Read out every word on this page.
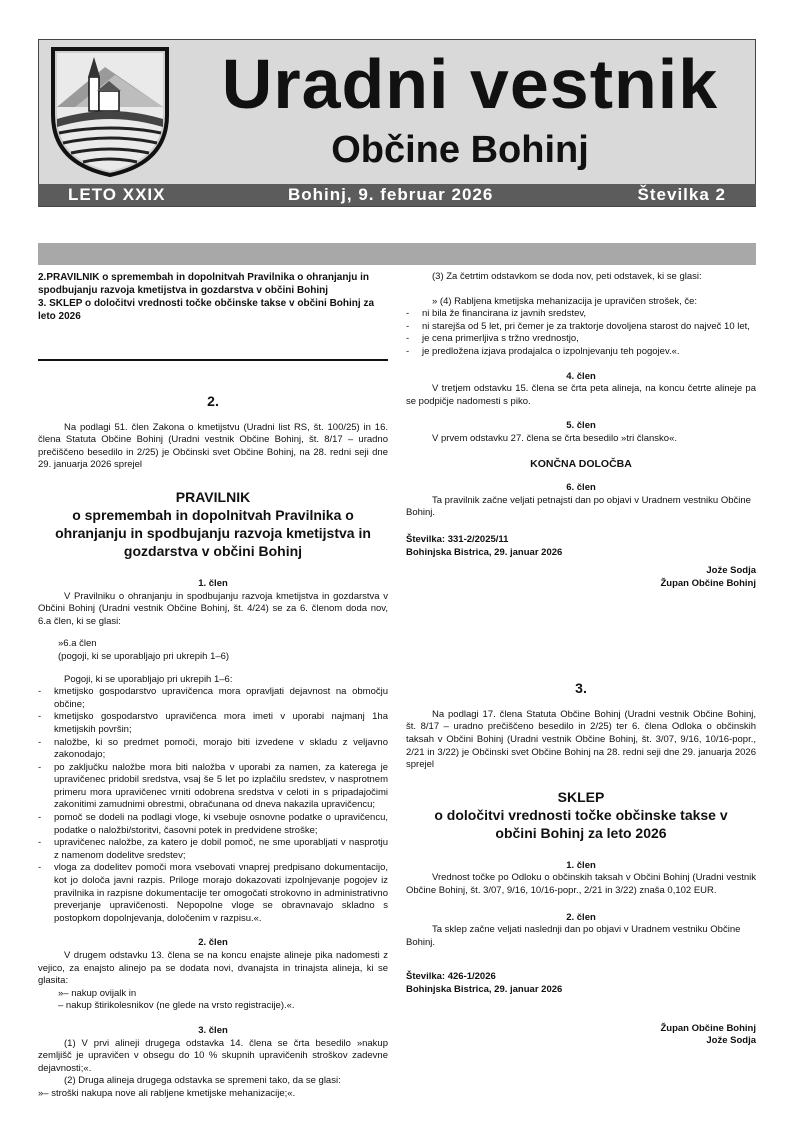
Uradni vestnik
Občine Bohinj
LETO XXIX	Bohinj, 9. februar 2026	Številka 2
2.PRAVILNIK o spremembah in dopolnitvah Pravilnika o ohranjanju in spodbujanju razvoja kmetijstva in gozdarstva v občini Bohinj
3. SKLEP o določitvi vrednosti točke občinske takse v občini Bohinj za leto 2026
2.
Na podlagi 51. člen Zakona o kmetijstvu (Uradni list RS, št. 100/25) in 16. člena Statuta Občine Bohinj (Uradni vestnik Občine Bohinj, št. 8/17 – uradno prečiščeno besedilo in 2/25) je Občinski svet Občine Bohinj, na 28. redni seji dne 29. januarja 2026 sprejel
PRAVILNIK
o spremembah in dopolnitvah Pravilnika o ohranjanju in spodbujanju razvoja kmetijstva in gozdarstva v občini Bohinj
1. člen
V Pravilniku o ohranjanju in spodbujanju razvoja kmetijstva in gozdarstva v Občini Bohinj (Uradni vestnik Občine Bohinj, št. 4/24) se za 6. členom doda nov, 6.a člen, ki se glasi:
»6.a člen
(pogoji, ki se uporabljajo pri ukrepih 1–6)
Pogoji, ki se uporabljajo pri ukrepih 1–6:
- kmetijsko gospodarstvo upravičenca mora opravljati dejavnost na območju občine;
- kmetijsko gospodarstvo upravičenca mora imeti v uporabi najmanj 1ha kmetijskih površin;
- naložbe, ki so predmet pomoči, morajo biti izvedene v skladu z veljavno zakonodajo;
- po zaključku naložbe mora biti naložba v uporabi za namen, za katerega je upravičenec pridobil sredstva, vsaj še 5 let po izplačilu sredstev, v nasprotnem primeru mora upravičenec vrniti odobrena sredstva v celoti in s pripadajočimi zakonitimi zamudnimi obrestmi, obračunana od dneva nakazila upravičencu;
- pomoč se dodeli na podlagi vloge, ki vsebuje osnovne podatke o upravičencu, podatke o naložbi/storitvi, časovni potek in predvidene stroške;
- upravičenec naložbe, za katero je dobil pomoč, ne sme uporabljati v nasprotju z namenom dodelitve sredstev;
- vloga za dodelitev pomoči mora vsebovati vnaprej predpisano dokumentacijo, kot jo določa javni razpis. Priloge morajo dokazovati izpolnjevanje pogojev iz pravilnika in razpisne dokumentacije ter omogočati strokovno in administrativno preverjanje upravičenosti. Nepopolne vloge se obravnavajo skladno s postopkom dopolnjevanja, določenim v razpisu.«.
2. člen
V drugem odstavku 13. člena se na koncu enajste alineje pika nadomesti z vejico, za enajsto alinejo pa se dodata novi, dvanajsta in trinajsta alineja, ki se glasita:
»– nakup ovijalk in
– nakup štirikolesnikov (ne glede na vrsto registracije).«.
3. člen
(1) V prvi alineji drugega odstavka 14. člena se črta besedilo »nakup zemljišč je upravičen v obsegu do 10 % skupnih upravičenih stroškov zadevne dejavnosti;«.
(2) Druga alineja drugega odstavka se spremeni tako, da se glasi:
»– stroški nakupa nove ali rabljene kmetijske mehanizacije;«.
(3) Za četrtim odstavkom se doda nov, peti odstavek, ki se glasi:
» (4) Rabljena kmetijska mehanizacija je upravičen strošek, če:
- ni bila že financirana iz javnih sredstev,
- ni starejša od 5 let, pri čemer je za traktorje dovoljena starost do največ 10 let,
- je cena primerljiva s tržno vrednostjo,
- je predložena izjava prodajalca o izpolnjevanju teh pogojev.«.
4. člen
V tretjem odstavku 15. člena se črta peta alineja, na koncu četrte alineje pa se podpičje nadomesti s piko.
5. člen
V prvem odstavku 27. člena se črta besedilo »tri člansko«.
KONČNA DOLOČBA
6. člen
Ta pravilnik začne veljati petnajsti dan po objavi v Uradnem vestniku Občine Bohinj.
Številka: 331-2/2025/11
Bohinjska Bistrica, 29. januar 2026
Jože Sodja
Župan Občine Bohinj
3.
Na podlagi 17. člena Statuta Občine Bohinj (Uradni vestnik Občine Bohinj, št. 8/17 – uradno prečiščeno besedilo in 2/25) ter 6. člena Odloka o občinskih taksah v Občini Bohinj (Uradni vestnik Občine Bohinj, št. 3/07, 9/16, 10/16-popr., 2/21 in 3/22) je Občinski svet Občine Bohinj na 28. redni seji dne 29. januarja 2026 sprejel
SKLEP
o določitvi vrednosti točke občinske takse v občini Bohinj za leto 2026
1. člen
Vrednost točke po Odloku o občinskih taksah v Občini Bohinj (Uradni vestnik Občine Bohinj, št. 3/07, 9/16, 10/16-popr., 2/21 in 3/22) znaša 0,102 EUR.
2. člen
Ta sklep začne veljati naslednji dan po objavi v Uradnem vestniku Občine Bohinj.
Številka: 426-1/2026
Bohinjska Bistrica, 29. januar 2026
Župan Občine Bohinj
Jože Sodja
